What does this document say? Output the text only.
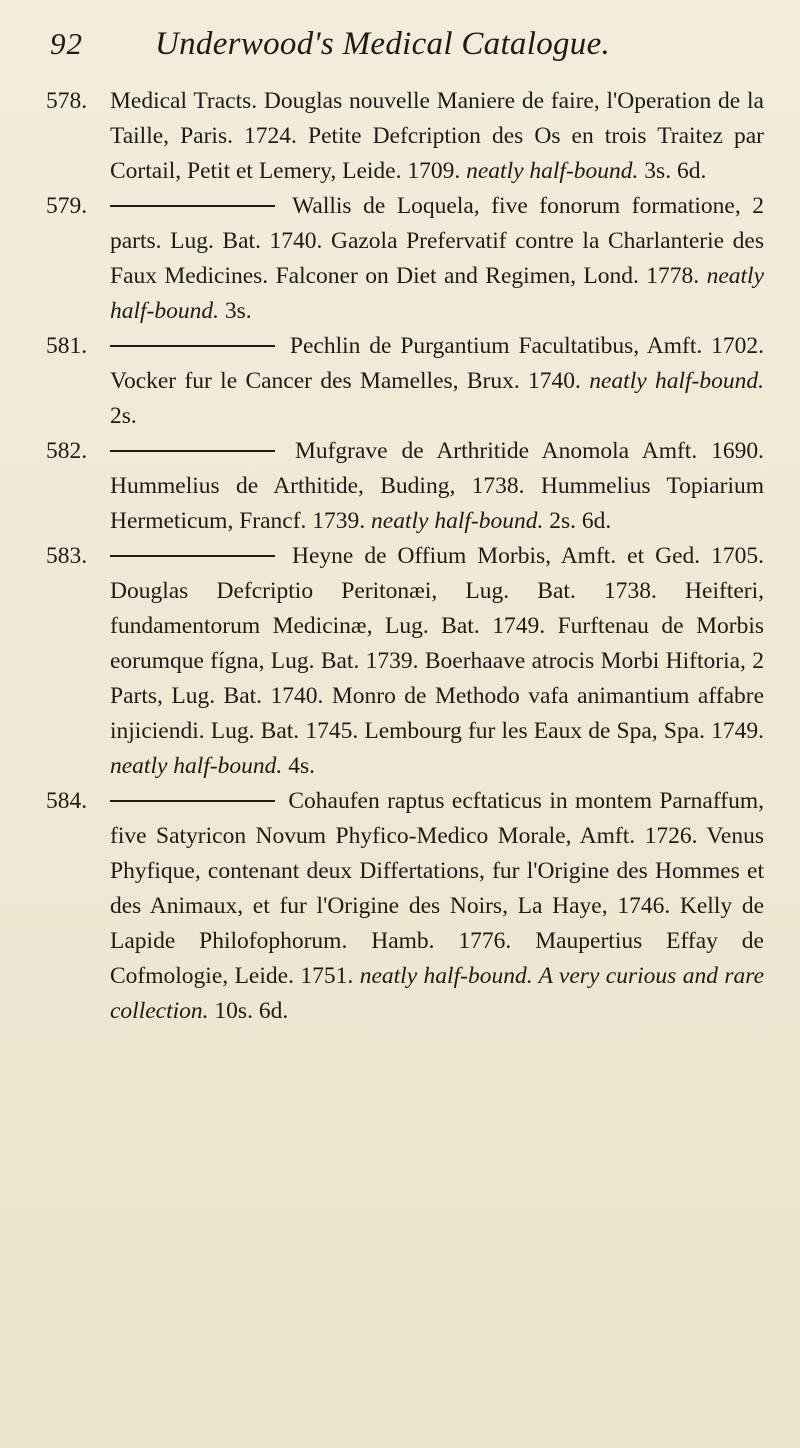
92	Underwood's Medical Catalogue.
578. Medical Tracts. Douglas nouvelle Maniere de faire, l'Operation de la Taille, Paris. 1724. Petite Defcription des Os en trois Traitez par Cortail, Petit et Lemery, Leide. 1709. neatly half-bound. 3s. 6d.
579.	Wallis de Loquela, five fonorum formatione, 2 parts. Lug. Bat. 1740. Gazola Prefervatif contre la Charlanterie des Faux Medicines. Falconer on Diet and Regimen, Lond. 1778. neatly half-bound. 3s.
581.	Pechlin de Purgantium Facultatibus, Amft. 1702. Vocker fur le Cancer des Mamelles, Brux. 1740. neatly half-bound. 2s.
582.	Mufgrave de Arthritide Anomola Amft. 1690. Hummelius de Arthitide, Buding, 1738. Hummelius Topiarium Hermeticum, Francf. 1739. neatly half-bound. 2s. 6d.
583.	Heyne de Offium Morbis, Amft. et Ged. 1705. Douglas Defcriptio Peritonæi, Lug. Bat. 1738. Heifteri, fundamentorum Medicinæ, Lug. Bat. 1749. Furftenau de Morbis eorumque fígna, Lug. Bat. 1739. Boerhaave atrocis Morbi Hiftoria, 2 Parts, Lug. Bat. 1740. Monro de Methodo vafa animantium affabre injiciendi. Lug. Bat. 1745. Lembourg fur les Eaux de Spa, Spa. 1749. neatly half-bound. 4s.
584.	Cohaufen raptus ecftaticus in montem Parnaffum, five Satyricon Novum Phyfico-Medico Morale, Amft. 1726. Venus Phyfique, contenant deux Differtations, fur l'Origine des Hommes et des Animaux, et fur l'Origine des Noirs, La Haye, 1746. Kelly de Lapide Philofophorum. Hamb. 1776. Maupertius Effay de Cofmologie, Leide. 1751. neatly half-bound. A very curious and rare collection. 10s. 6d.
